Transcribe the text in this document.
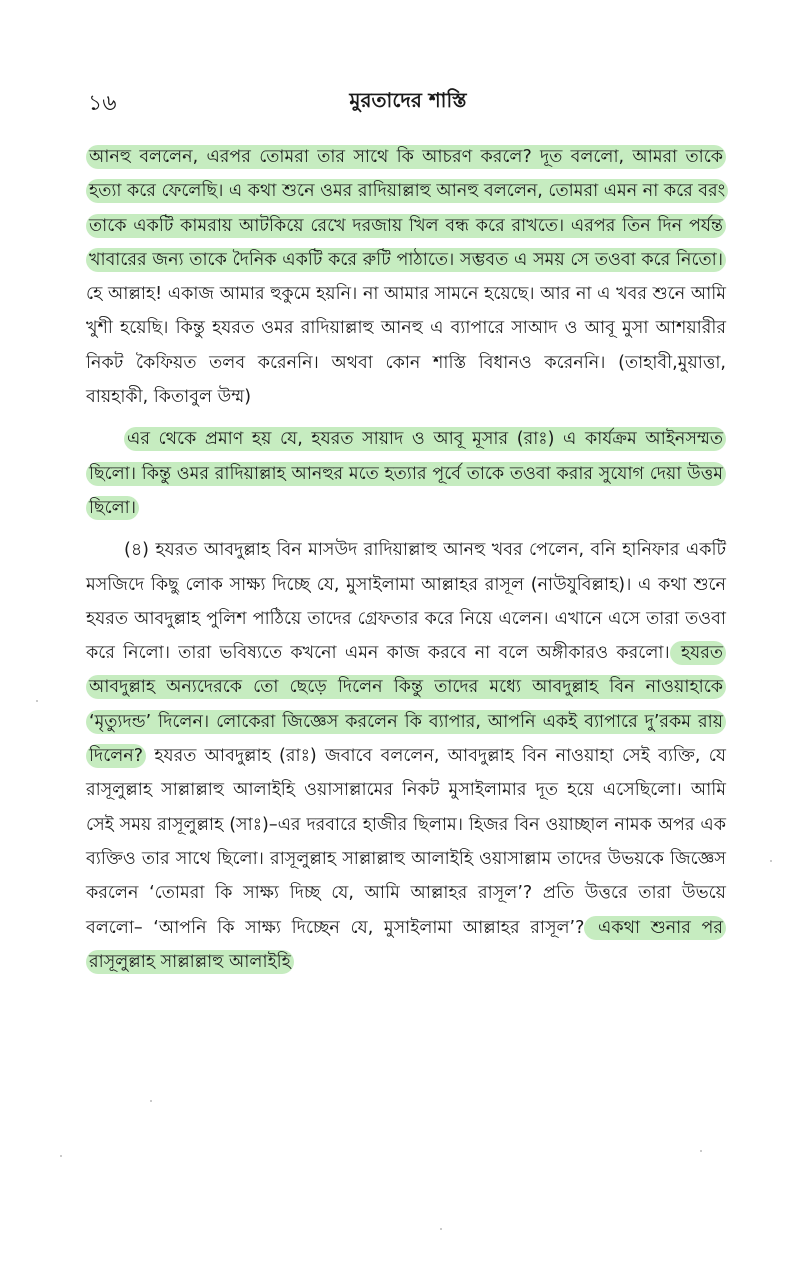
১৬	মুরতাদের শাস্তি

আনহু বললেন, এরপর তোমরা তার সাথে কি আচরণ করলে? দূত বললো, আমরা তাকে হত্যা করে ফেলেছি। এ কথা শুনে ওমর রাদিয়াল্লাহু আনহু বললেন, তোমরা এমন না করে বরং তাকে একটি কামরায় আটকিয়ে রেখে দরজায় খিল বন্ধ করে রাখতে। এরপর তিন দিন পর্যন্ত খাবারের জন্য তাকে দৈনিক একটি করে রুটি পাঠাতে। সম্ভবত এ সময় সে তওবা করে নিতো। হে আল্লাহ! একাজ আমার হুকুমে হয়নি। না আমার সামনে হয়েছে। আর না এ খবর শুনে আমি খুশী হয়েছি। কিন্তু হযরত ওমর রাদিয়াল্লাহু আনহু এ ব্যাপারে সাআদ ও আবূ মুসা আশয়ারীর নিকট কৈফিয়ত তলব করেননি। অথবা কোন শাস্তি বিধানও করেননি। (তাহাবী,মুয়াত্তা, বায়হাকী, কিতাবুল উম্ম)

এর থেকে প্রমাণ হয় যে, হযরত সায়াদ ও আবূ মূসার (রাঃ) এ কার্যক্রম আইনসম্মত ছিলো। কিন্তু ওমর রাদিয়াল্লাহ আনহুর মতে হত্যার পূর্বে তাকে তওবা করার সুযোগ দেয়া উত্তম ছিলো।

(৪) হযরত আবদুল্লাহ বিন মাসউদ রাদিয়াল্লাহু আনহু খবর পেলেন, বনি হানিফার একটি মসজিদে কিছু লোক সাক্ষ্য দিচ্ছে যে, মুসাইলামা আল্লাহর রাসূল (নাউযুবিল্লাহ)। এ কথা শুনে হযরত আবদুল্লাহ পুলিশ পাঠিয়ে তাদের গ্রেফতার করে নিয়ে এলেন। এখানে এসে তারা তওবা করে নিলো। তারা ভবিষ্যতে কখনো এমন কাজ করবে না বলে অঙ্গীকারও করলো। হযরত আবদুল্লাহ অন্যদেরকে তো ছেড়ে দিলেন কিন্তু তাদের মধ্যে আবদুল্লাহ বিন নাওয়াহাকে ‘মৃত্যুদন্ড’ দিলেন। লোকেরা জিজ্ঞেস করলেন কি ব্যাপার, আপনি একই ব্যাপারে দু’রকম রায় দিলেন? হযরত আবদুল্লাহ (রাঃ) জবাবে বললেন, আবদুল্লাহ বিন নাওয়াহা সেই ব্যক্তি, যে রাসূলুল্লাহ সাল্লাল্লাহু আলাইহি ওয়াসাল্লামের নিকট মুসাইলামার দূত হয়ে এসেছিলো। আমি সেই সময় রাসূলুল্লাহ (সাঃ)–এর দরবারে হাজীর ছিলাম। হিজর বিন ওয়াচ্ছাল নামক অপর এক ব্যক্তিও তার সাথে ছিলো। রাসূলুল্লাহ সাল্লাল্লাহু আলাইহি ওয়াসাল্লাম তাদের উভয়কে জিজ্ঞেস করলেন ‘তোমরা কি সাক্ষ্য দিচ্ছ যে, আমি আল্লাহর রাসূল’? প্রতি উত্তরে তারা উভয়ে বললো– ‘আপনি কি সাক্ষ্য দিচ্ছেন যে, মুসাইলামা আল্লাহর রাসূল’? একথা শুনার পর রাসূলুল্লাহ সাল্লাল্লাহু আলাইহি
